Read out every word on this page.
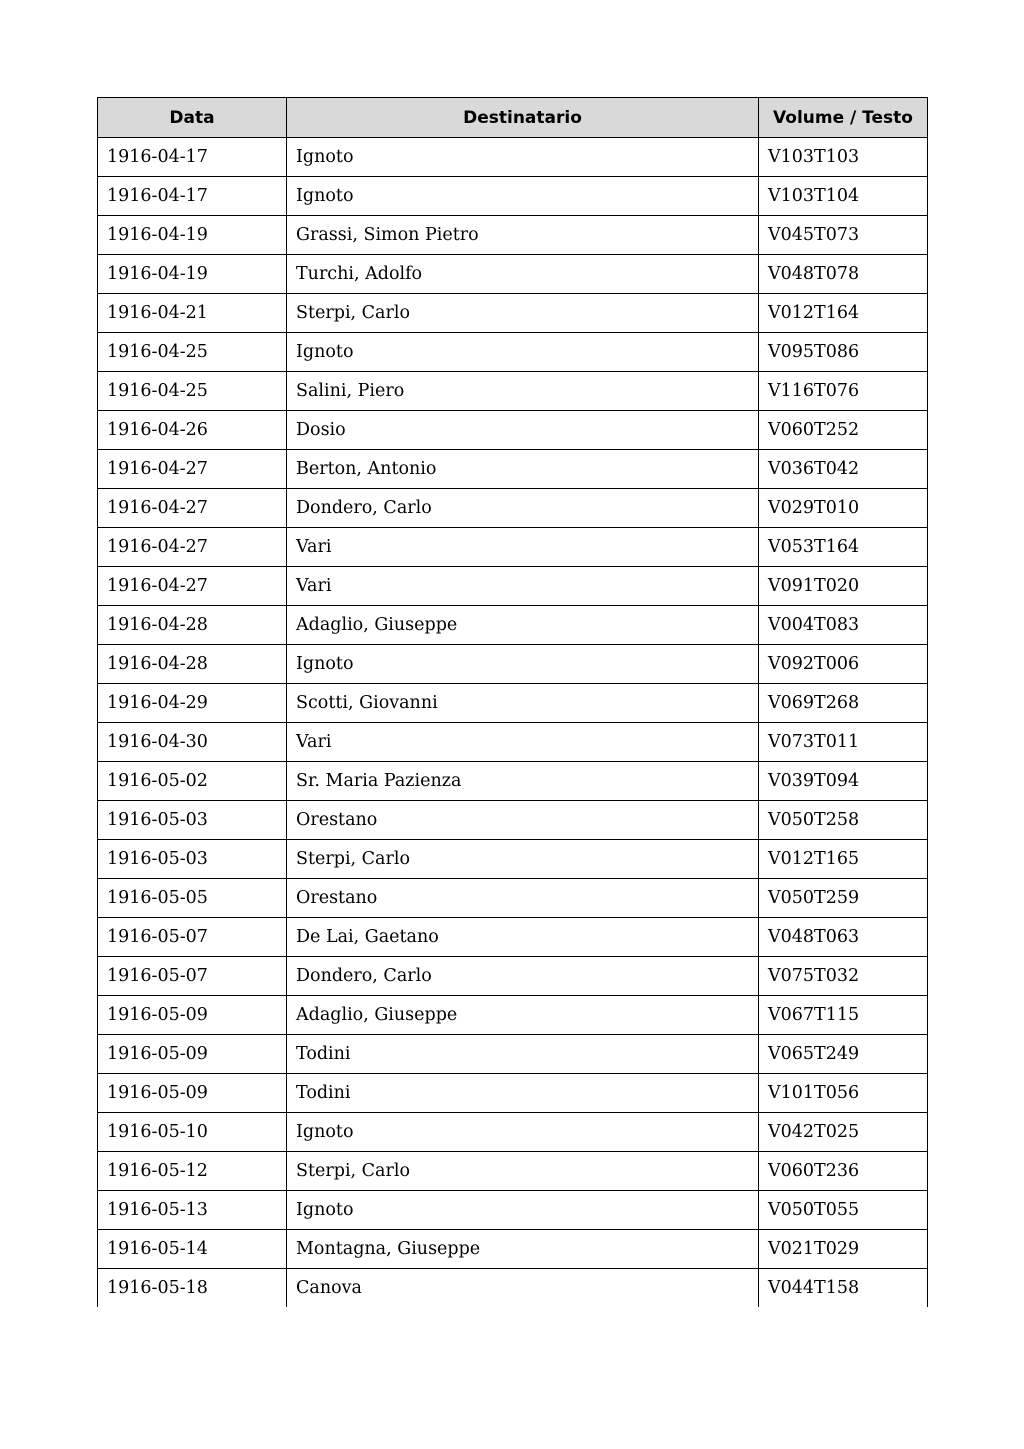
Data	Destinatario	Volume / Testo
1916-04-17	Ignoto	V103T103
1916-04-17	Ignoto	V103T104
1916-04-19	Grassi, Simon Pietro	V045T073
1916-04-19	Turchi, Adolfo	V048T078
1916-04-21	Sterpi, Carlo	V012T164
1916-04-25	Ignoto	V095T086
1916-04-25	Salini, Piero	V116T076
1916-04-26	Dosio	V060T252
1916-04-27	Berton, Antonio	V036T042
1916-04-27	Dondero, Carlo	V029T010
1916-04-27	Vari	V053T164
1916-04-27	Vari	V091T020
1916-04-28	Adaglio, Giuseppe	V004T083
1916-04-28	Ignoto	V092T006
1916-04-29	Scotti, Giovanni	V069T268
1916-04-30	Vari	V073T011
1916-05-02	Sr. Maria Pazienza	V039T094
1916-05-03	Orestano	V050T258
1916-05-03	Sterpi, Carlo	V012T165
1916-05-05	Orestano	V050T259
1916-05-07	De Lai, Gaetano	V048T063
1916-05-07	Dondero, Carlo	V075T032
1916-05-09	Adaglio, Giuseppe	V067T115
1916-05-09	Todini	V065T249
1916-05-09	Todini	V101T056
1916-05-10	Ignoto	V042T025
1916-05-12	Sterpi, Carlo	V060T236
1916-05-13	Ignoto	V050T055
1916-05-14	Montagna, Giuseppe	V021T029
1916-05-18	Canova	V044T158
